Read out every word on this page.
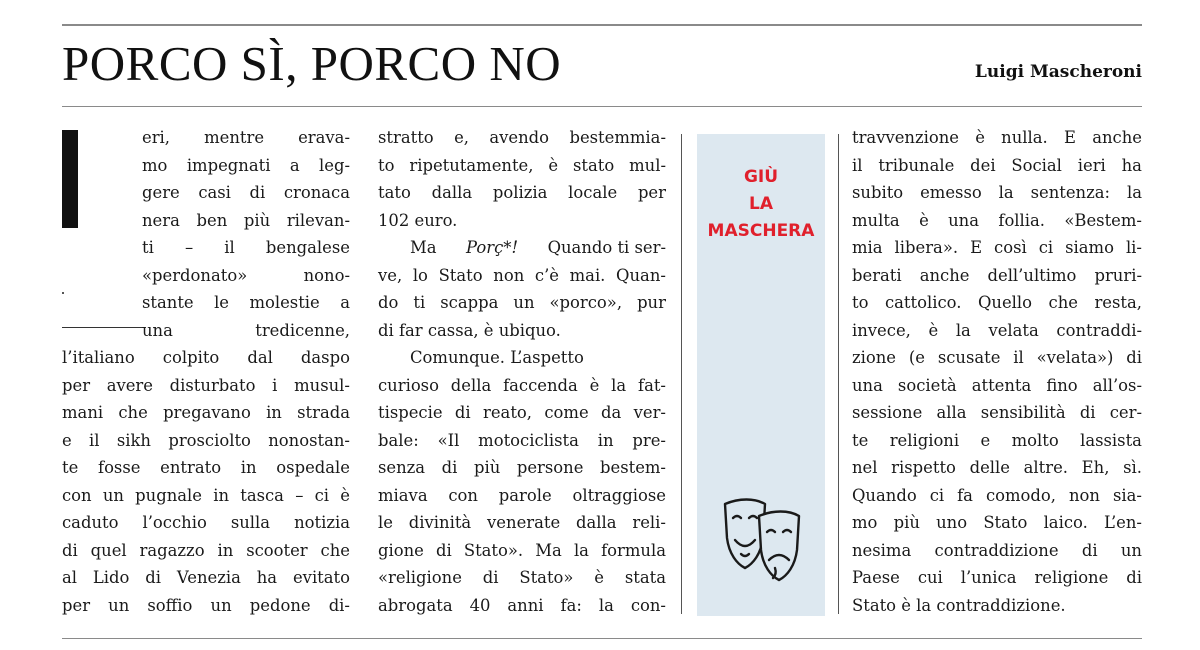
PORCO SÌ, PORCO NO	Luigi Mascheroni
eri, mentre erava-
mo impegnati a leg-
gere casi di cronaca
nera ben più rilevan-
ti – il bengalese
«perdonato»	nono-
stante le molestie a
una	tredicenne,
l’italiano colpito dal daspo
per avere disturbato i musul-
mani che pregavano in strada
e il sikh prosciolto nonostan-
te fosse entrato in ospedale
con un pugnale in tasca – ci è
caduto l’occhio sulla notizia
di quel ragazzo in scooter che
al Lido di Venezia ha evitato
per un soffio un pedone di-
stratto e, avendo bestemmia-
to ripetutamente, è stato mul-
tato dalla polizia locale per
102 euro.
Ma Porç*! Quando ti ser-
ve, lo Stato non c’è mai. Quan-
do ti scappa un «porco», pur
di far cassa, è ubiquo.
Comunque. L’aspetto
curioso della faccenda è la fat-
tispecie di reato, come da ver-
bale: «Il motociclista in pre-
senza di più persone bestem-
miava con parole oltraggiose
le divinità venerate dalla reli-
gione di Stato». Ma la formula
«religione di Stato» è stata
abrogata 40 anni fa: la con-
GIÙ
LA
MASCHERA
travvenzione è nulla. E anche
il tribunale dei Social ieri ha
subito emesso la sentenza: la
multa è una follia. «Bestem-
mia libera». E così ci siamo li-
berati anche dell’ultimo pruri-
to cattolico. Quello che resta,
invece, è la velata contraddi-
zione (e scusate il «velata») di
una società attenta fino all’os-
sessione alla sensibilità di cer-
te religioni e molto lassista
nel rispetto delle altre. Eh, sì.
Quando ci fa comodo, non sia-
mo più uno Stato laico. L’en-
nesima contraddizione di un
Paese cui l’unica religione di
Stato è la contraddizione.
